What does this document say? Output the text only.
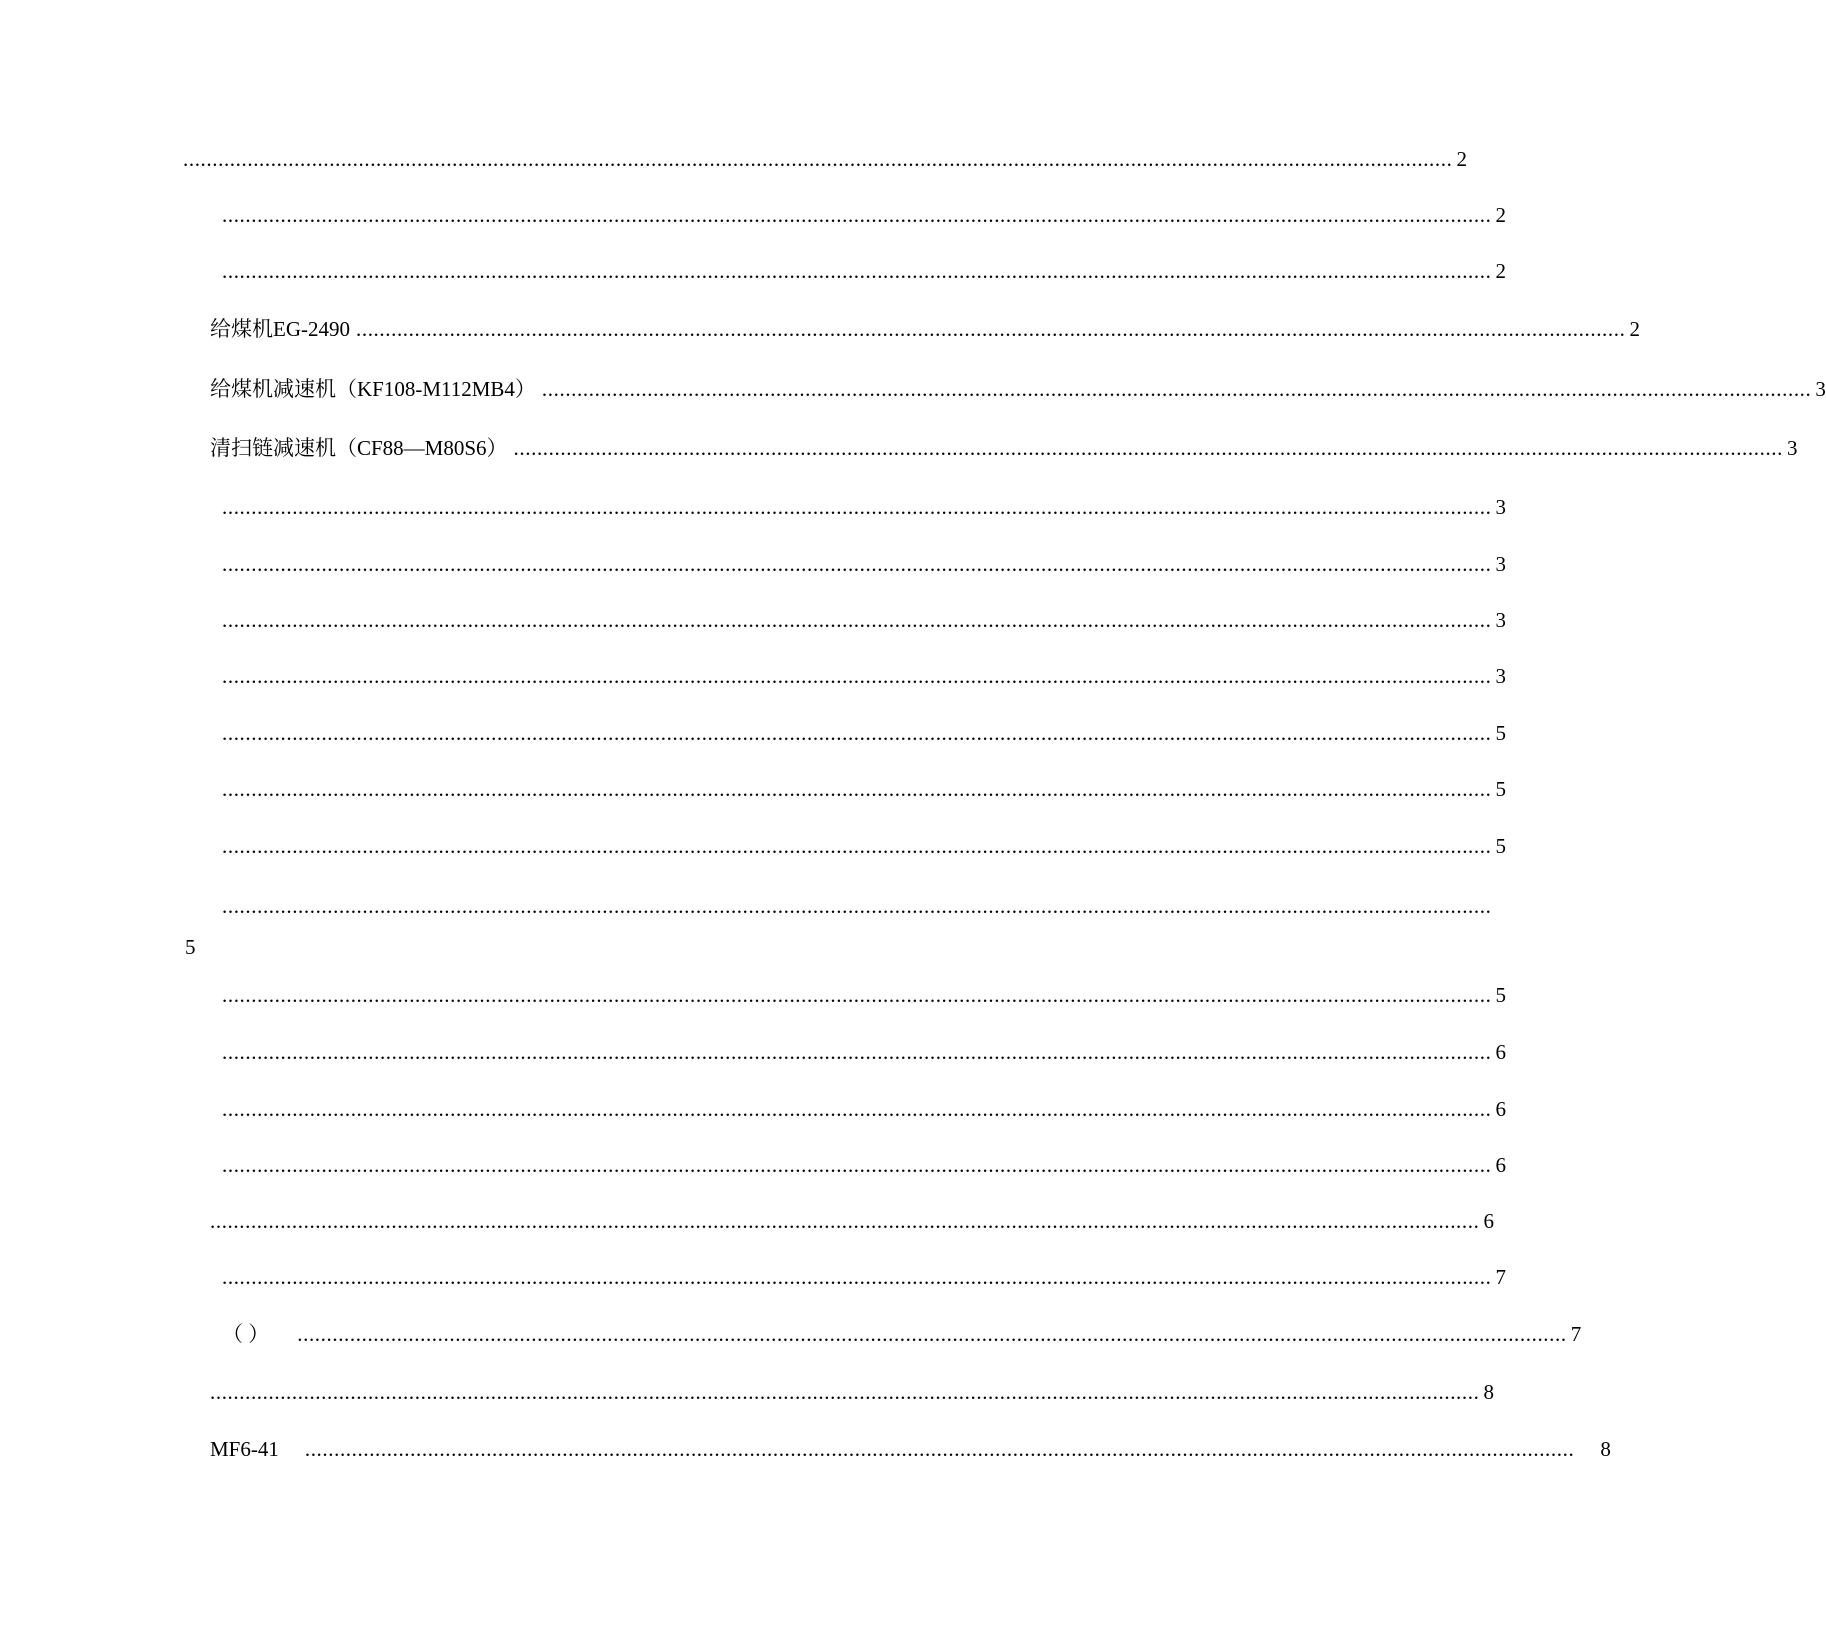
......................................................................................................................................................................................................................... 2
......................................................................................................................................................................................................................... 2
......................................................................................................................................................................................................................... 2
给煤机EG-2490 ......................................................................................................................................................................................................................... 2
给煤机减速机（KF108-M112MB4） ......................................................................................................................................................................................................................... 3
清扫链减速机（CF88—M80S6） ......................................................................................................................................................................................................................... 3
......................................................................................................................................................................................................................... 3
......................................................................................................................................................................................................................... 3
......................................................................................................................................................................................................................... 3
......................................................................................................................................................................................................................... 3
......................................................................................................................................................................................................................... 5
......................................................................................................................................................................................................................... 5
......................................................................................................................................................................................................................... 5
.........................................................................................................................................................................................................................
5
......................................................................................................................................................................................................................... 5
......................................................................................................................................................................................................................... 6
......................................................................................................................................................................................................................... 6
......................................................................................................................................................................................................................... 6
......................................................................................................................................................................................................................... 6
......................................................................................................................................................................................................................... 7
（ ） ......................................................................................................................................................................................................................... 7
......................................................................................................................................................................................................................... 8
MF6-41 ......................................................................................................................................................................................................................... 8
